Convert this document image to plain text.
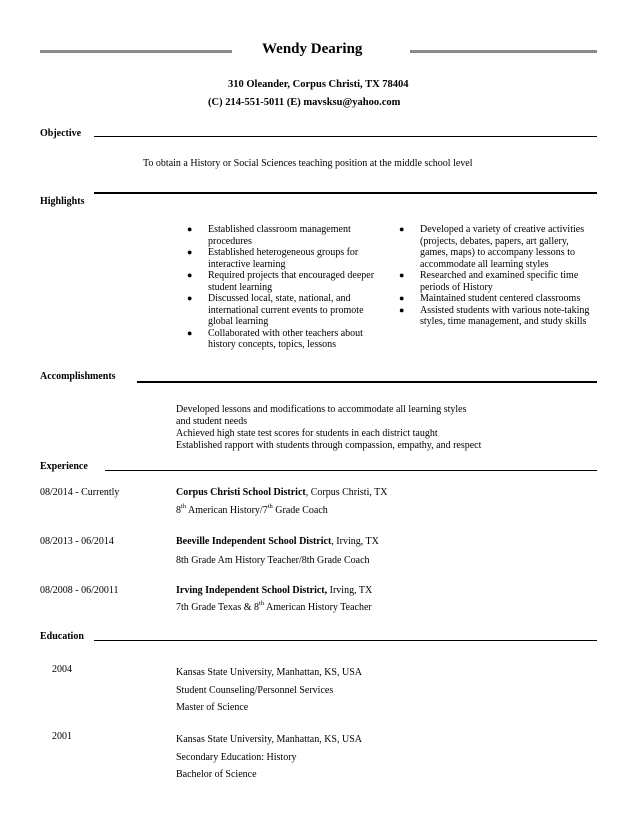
Wendy Dearing
310 Oleander, Corpus Christi, TX 78404
(C) 214-551-5011 (E) mavsksu@yahoo.com
Objective
To obtain a History or Social Sciences teaching position at the middle school level
Highlights
● Established classroom management procedures
● Established heterogeneous groups for interactive learning
● Required projects that encouraged deeper student learning
● Discussed local, state, national, and international current events to promote global learning
● Collaborated with other teachers about history concepts, topics, lessons
● Developed a variety of creative activities (projects, debates, papers, art gallery, games, maps) to accompany lessons to accommodate all learning styles
● Researched and examined specific time periods of History
● Maintained student centered classrooms
● Assisted students with various note-taking styles, time management, and study skills
Accomplishments
Developed lessons and modifications to accommodate all learning styles
and student needs
Achieved high state test scores for students in each district taught
Established rapport with students through compassion, empathy, and respect
Experience
08/2014 - Currently	Corpus Christi School District, Corpus Christi, TX
8th American History/7th Grade Coach
08/2013 - 06/2014	Beeville Independent School District, Irving, TX
8th Grade Am History Teacher/8th Grade Coach
08/2008 - 06/20011	Irving Independent School District, Irving, TX
7th Grade Texas & 8th American History Teacher
Education
2004	Kansas State University, Manhattan, KS, USA
Student Counseling/Personnel Services
Master of Science
2001	Kansas State University, Manhattan, KS, USA
Secondary Education: History
Bachelor of Science
